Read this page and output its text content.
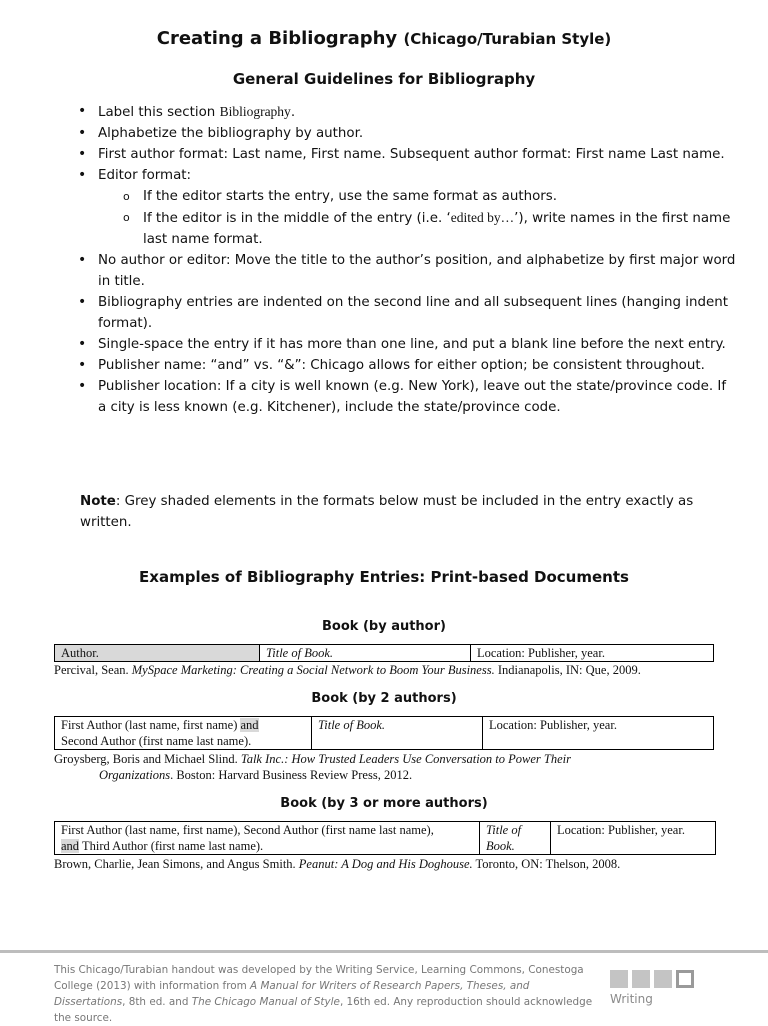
Creating a Bibliography (Chicago/Turabian Style)
General Guidelines for Bibliography
• Label this section Bibliography.
• Alphabetize the bibliography by author.
• First author format: Last name, First name. Subsequent author format: First name Last name.
• Editor format:
o If the editor starts the entry, use the same format as authors.
o If the editor is in the middle of the entry (i.e. ‘edited by…’), write names in the first name last name format.
• No author or editor: Move the title to the author’s position, and alphabetize by first major word in title.
• Bibliography entries are indented on the second line and all subsequent lines (hanging indent format).
• Single-space the entry if it has more than one line, and put a blank line before the next entry.
• Publisher name: “and” vs. “&”: Chicago allows for either option; be consistent throughout.
• Publisher location: If a city is well known (e.g. New York), leave out the state/province code. If a city is less known (e.g. Kitchener), include the state/province code.
Note: Grey shaded elements in the formats below must be included in the entry exactly as written.
Examples of Bibliography Entries: Print-based Documents
Book (by author)
Author.	Title of Book.	Location: Publisher, year.
Percival, Sean. MySpace Marketing: Creating a Social Network to Boom Your Business. Indianapolis, IN: Que, 2009.
Book (by 2 authors)
First Author (last name, first name) and
Second Author (first name last name).	Title of Book.	Location: Publisher, year.
Groysberg, Boris and Michael Slind. Talk Inc.: How Trusted Leaders Use Conversation to Power Their
Organizations. Boston: Harvard Business Review Press, 2012.
Book (by 3 or more authors)
First Author (last name, first name), Second Author (first name last name),
and Third Author (first name last name).	Title of
Book.	Location: Publisher, year.
Brown, Charlie, Jean Simons, and Angus Smith. Peanut: A Dog and His Doghouse. Toronto, ON: Thelson, 2008.
This Chicago/Turabian handout was developed by the Writing Service, Learning Commons, Conestoga College (2013) with information from A Manual for Writers of Research Papers, Theses, and Dissertations, 8th ed. and The Chicago Manual of Style, 16th ed. Any reproduction should acknowledge the source.
Writing
